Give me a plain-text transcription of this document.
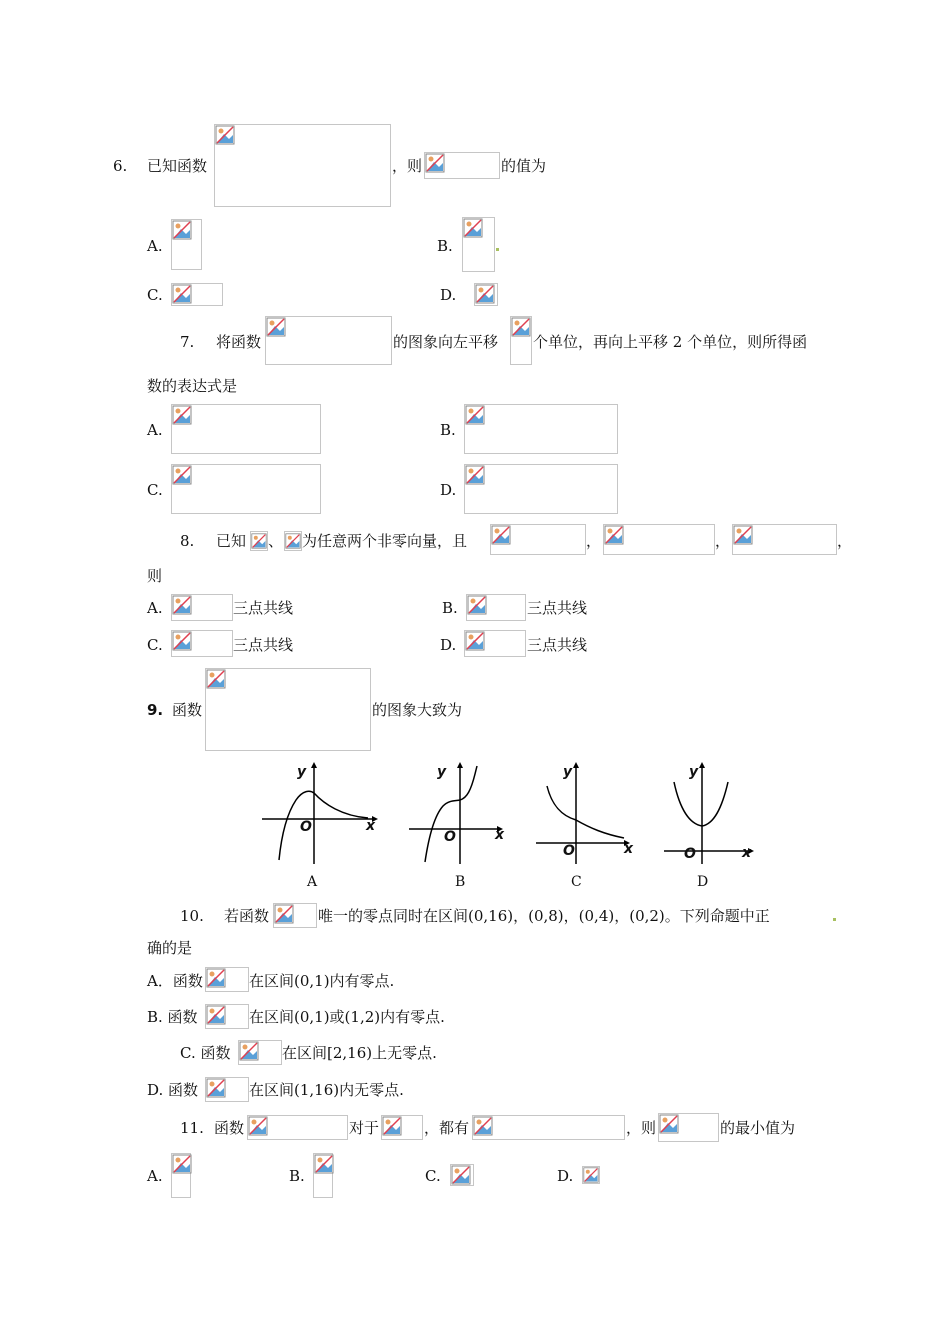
6. 已知函数	，则	的值为
A.	B.
C.	D.
7. 将函数	的图象向左平移 个单位，再向上平移 2 个单位，则所得函
数的表达式是
A.	B.
C.	D.
8. 已知 、 为任意两个非零向量，且	，	，	，
则
A.	三点共线	B.	三点共线
C.	三点共线	D.	三点共线
9. 函数	的图象大致为
y
x
O
A
y
x
O
B
y
x
O
C
y
x
O
D
10. 若函数	唯一的零点同时在区间(0,16)，(0,8)，(0,4)，(0,2)。下列命题中正
确的是
A．函数	在区间(0,1)内有零点.
B. 函数	在区间(0,1)或(1,2)内有零点.
C. 函数	在区间[2,16)上无零点.
D. 函数	在区间(1,16)内无零点.
11. 函数	对于	，都有	，则	的最小值为
A.	B.	C.	D.
